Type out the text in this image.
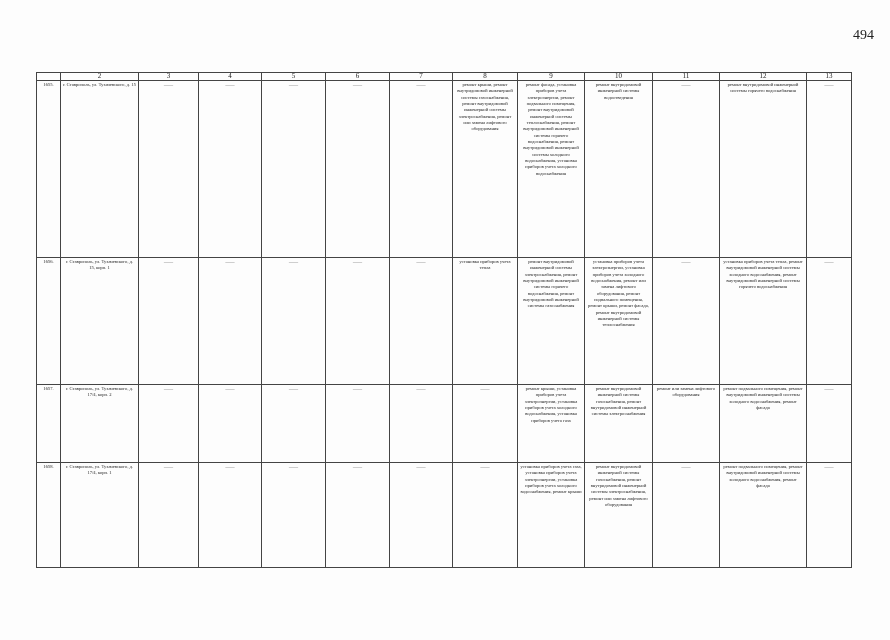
494
	2	3	4	5	6	7	8	9	10	11	12	13
1655.	г. Ставрополь, ул. Тухачевского, д. 15	——	——	——	——	——	ремонт крыши, ремонт внутридомовой инженерной системы газоснабжения, ремонт внутридомовой инженерной системы электроснабжения, ремонт или замена лифтового оборудования	ремонт фасада, установка приборов учета электроэнергии, ремонт подвального помещения, ремонт внутридомовой инженерной системы теплоснабжения, ремонт внутридомовой инженерной системы горячего водоснабжения, ремонт внутридомовой инженерной системы холодного водоснабжения, установка приборов учета холодного водоснабжения	ремонт внутридомовой инженерной системы водоотведения	——	ремонт внутридомовой инженерной системы горячего водоснабжения	——
1656.	г. Ставрополь, ул. Тухачевского, д. 15, корп. 1	——	——	——	——	——	установка приборов учета тепла	ремонт внутридомовой инженерной системы электроснабжения, ремонт внутридомовой инженерной системы горячего водоснабжения, ремонт внутридомовой инженерной системы газоснабжения	установка приборов учета электроэнергии, установка приборов учета холодного водоснабжения, ремонт или замена лифтового оборудования, ремонт подвального помещения, ремонт крыши, ремонт фасада, ремонт внутридомовой инженерной системы теплоснабжения	——	установка приборов учета тепла, ремонт внутридомовой инженерной системы холодного водоснабжения, ремонт внутридомовой инженерной системы горячего водоснабжения	——
1657.	г. Ставрополь, ул. Тухачевского, д. 17/4, корп. 2	——	——	——	——	——	——	ремонт крыши, установка приборов учета электроэнергии, установка приборов учета холодного водоснабжения, установка приборов учета газа	ремонт внутридомовой инженерной системы газоснабжения, ремонт внутридомовой инженерной системы электроснабжения	ремонт или замена лифтового оборудования	ремонт подвального помещения, ремонт внутридомовой инженерной системы холодного водоснабжения, ремонт фасада	——
1658.	г. Ставрополь, ул. Тухачевского, д. 17/4, корп. 1	——	——	——	——	——	——	установка приборов учета газа, установка приборов учета электроэнергии, установка приборов учета холодного водоснабжения, ремонт крыши	ремонт внутридомовой инженерной системы газоснабжения, ремонт внутридомовой инженерной системы электроснабжения, ремонт или замена лифтового оборудования	——	ремонт подвального помещения, ремонт внутридомовой инженерной системы холодного водоснабжения, ремонт фасада	——
